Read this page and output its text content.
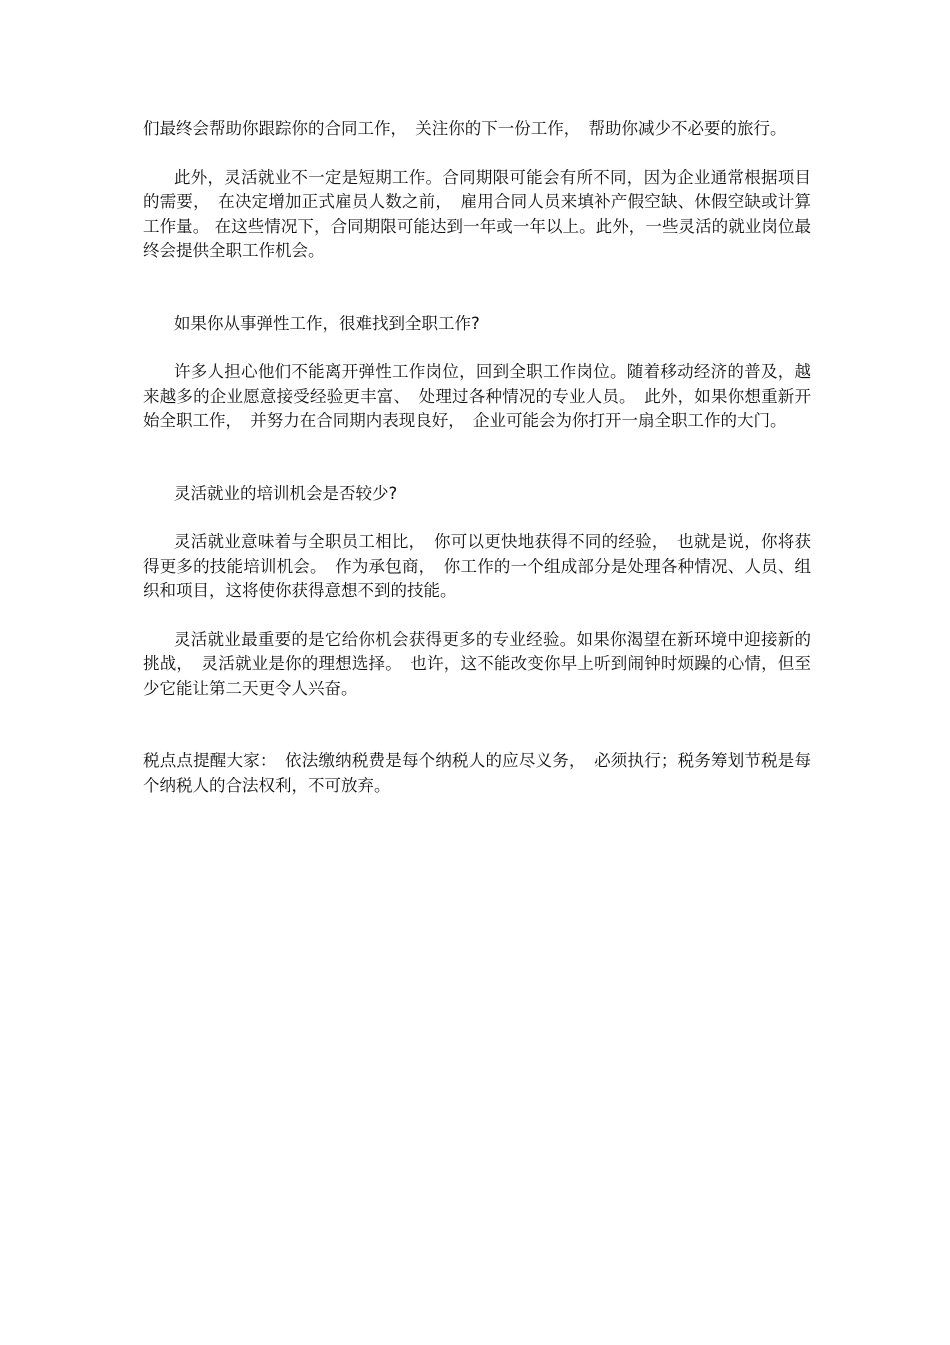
们最终会帮助你跟踪你的合同工作，　关注你的下一份工作，　帮助你减少不必要的旅行。

此外，灵活就业不一定是短期工作。合同期限可能会有所不同，因为企业通常根据项目的需要，　在决定增加正式雇员人数之前，　雇用合同人员来填补产假空缺、休假空缺或计算工作量。 在这些情况下，合同期限可能达到一年或一年以上。此外，一些灵活的就业岗位最终会提供全职工作机会。

如果你从事弹性工作，很难找到全职工作?

许多人担心他们不能离开弹性工作岗位，回到全职工作岗位。随着移动经济的普及，越来越多的企业愿意接受经验更丰富、　处理过各种情况的专业人员。　此外，如果你想重新开始全职工作，　并努力在合同期内表现良好，　企业可能会为你打开一扇全职工作的大门。

灵活就业的培训机会是否较少?

灵活就业意味着与全职员工相比，　你可以更快地获得不同的经验，　也就是说，你将获得更多的技能培训机会。　作为承包商，　你工作的一个组成部分是处理各种情况、人员、组织和项目，这将使你获得意想不到的技能。

灵活就业最重要的是它给你机会获得更多的专业经验。如果你渴望在新环境中迎接新的挑战，　灵活就业是你的理想选择。　也许，这不能改变你早上听到闹钟时烦躁的心情，但至少它能让第二天更令人兴奋。

税点点提醒大家：　依法缴纳税费是每个纳税人的应尽义务，　必须执行；税务筹划节税是每个纳税人的合法权利，不可放弃。
